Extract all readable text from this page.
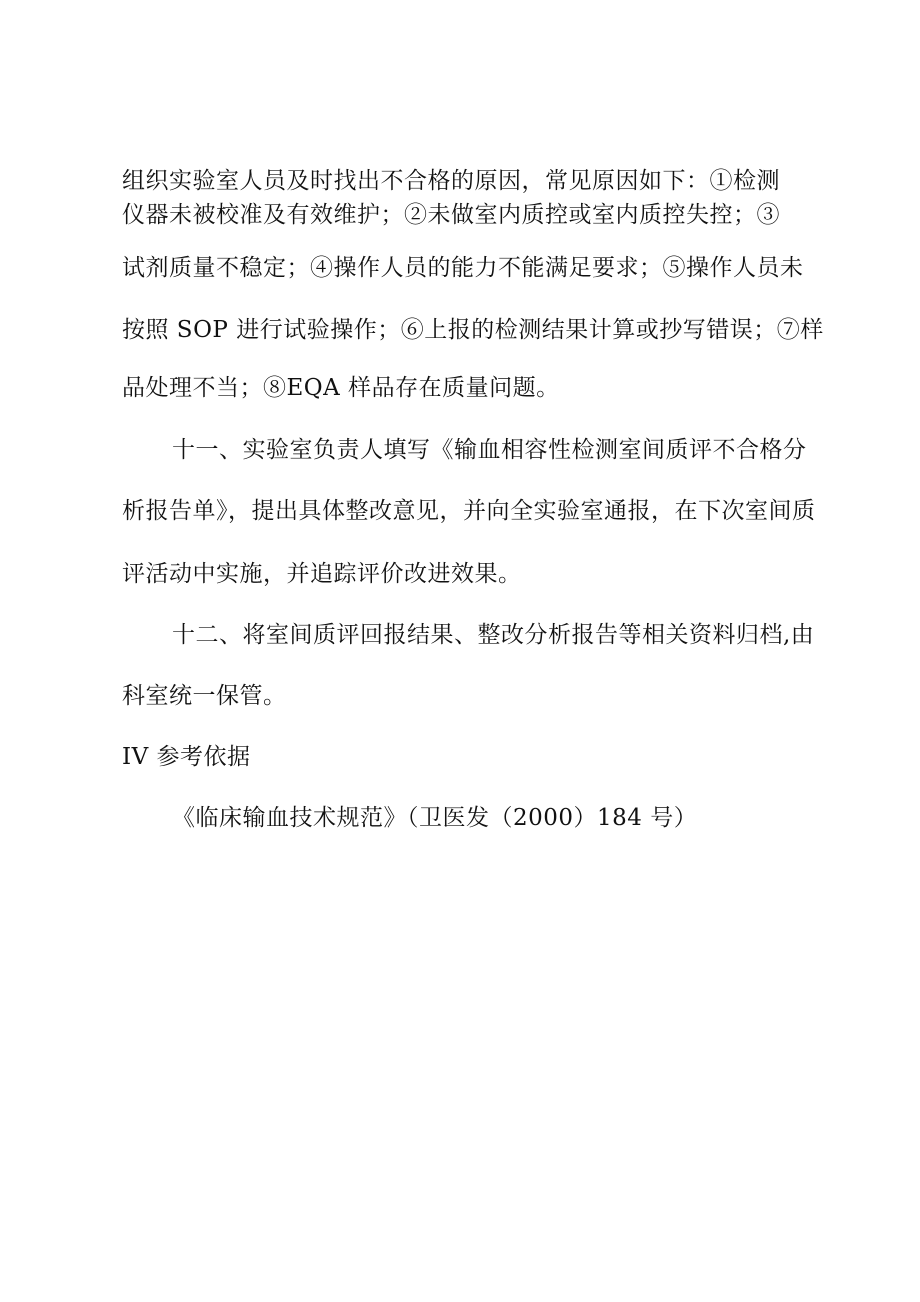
组织实验室人员及时找出不合格的原因，常见原因如下：①检测
仪器未被校准及有效维护；②未做室内质控或室内质控失控；③
试剂质量不稳定；④操作人员的能力不能满足要求；⑤操作人员未
按照 SOP 进行试验操作；⑥上报的检测结果计算或抄写错误；⑦样
品处理不当；⑧EQA 样品存在质量问题。
十一、实验室负责人填写《输血相容性检测室间质评不合格分
析报告单》，提出具体整改意见，并向全实验室通报，在下次室间质
评活动中实施，并追踪评价改进效果。
十二、将室间质评回报结果、整改分析报告等相关资料归档,由
科室统一保管。
IV 参考依据
《临床输血技术规范》（卫医发（2000）184 号）
